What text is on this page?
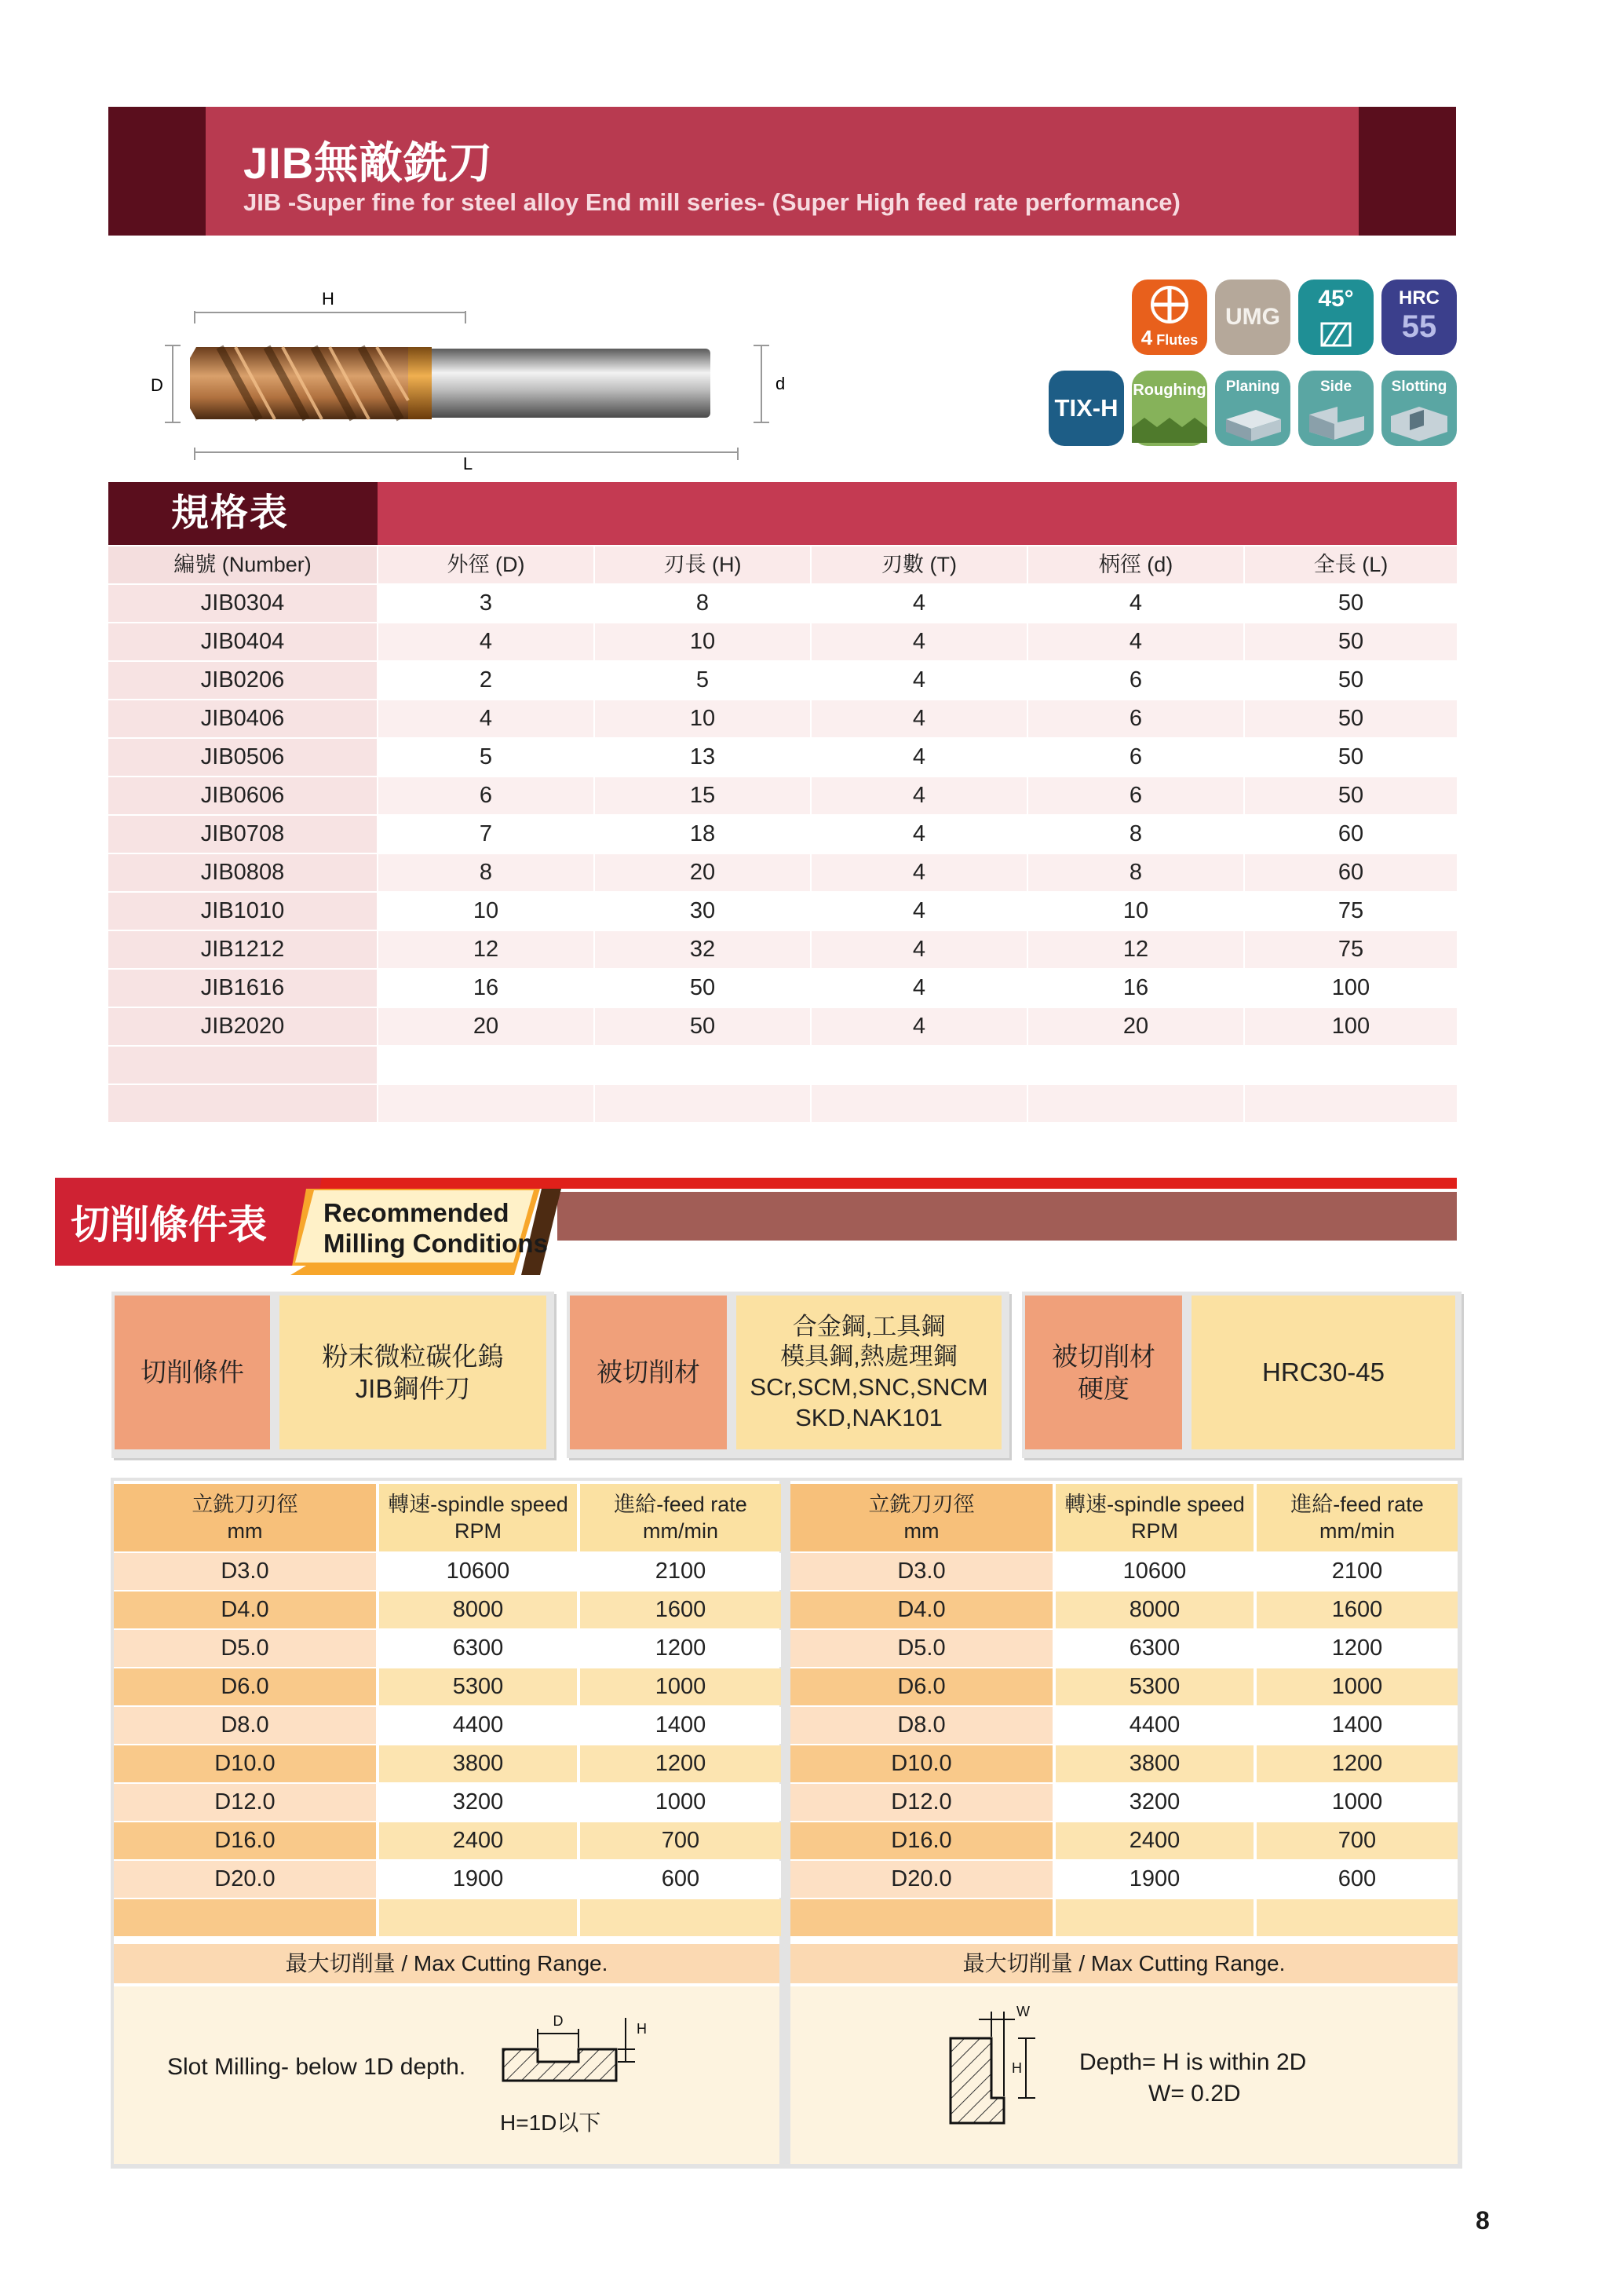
JIB無敵銑刀
JIB -Super fine for steel alloy End mill series- (Super High feed rate performance)
H
D	d
L
4 Flutes
UMG
45°	HRC
55
TIX-H
Roughing	Planing	Side	Slotting
規格表
編號 (Number)	外徑 (D)	刃長 (H)	刃數 (T)	柄徑 (d)	全長 (L)
JIB0304	3	8	4	4	50
JIB0404	4	10	4	4	50
JIB0206	2	5	4	6	50
JIB0406	4	10	4	6	50
JIB0506	5	13	4	6	50
JIB0606	6	15	4	6	50
JIB0708	7	18	4	8	60
JIB0808	8	20	4	8	60
JIB1010	10	30	4	10	75
JIB1212	12	32	4	12	75
JIB1616	16	50	4	16	100
JIB2020	20	50	4	20	100
切削條件表 Recommended
Milling Conditions
切削條件
粉末微粒碳化鎢
JIB鋼件刀
被切削材
合金鋼,工具鋼
模具鋼,熱處理鋼
SCr,SCM,SNC,SNCM
SKD,NAK101
被切削材
硬度
HRC30-45
立銑刀刃徑
mm
轉速-spindle speed
RPM
進給-feed rate
mm/min
D3.0	10600	2100
D4.0	8000	1600
D5.0	6300	1200
D6.0	5300	1000
D8.0	4400	1400
D10.0	3800	1200
D12.0	3200	1000
D16.0	2400	700
D20.0	1900	600
立銑刀刃徑
mm
轉速-spindle speed
RPM
進給-feed rate
mm/min
D3.0	10600	2100
D4.0	8000	1600
D5.0	6300	1200
D6.0	5300	1000
D8.0	4400	1400
D10.0	3800	1200
D12.0	3200	1000
D16.0	2400	700
D20.0	1900	600
最大切削量 / Max Cutting Range.	最大切削量 / Max Cutting Range.
Slot Milling- below 1D depth.
D	H
H=1D以下
W
H Depth= H is within 2D
W= 0.2D
8
